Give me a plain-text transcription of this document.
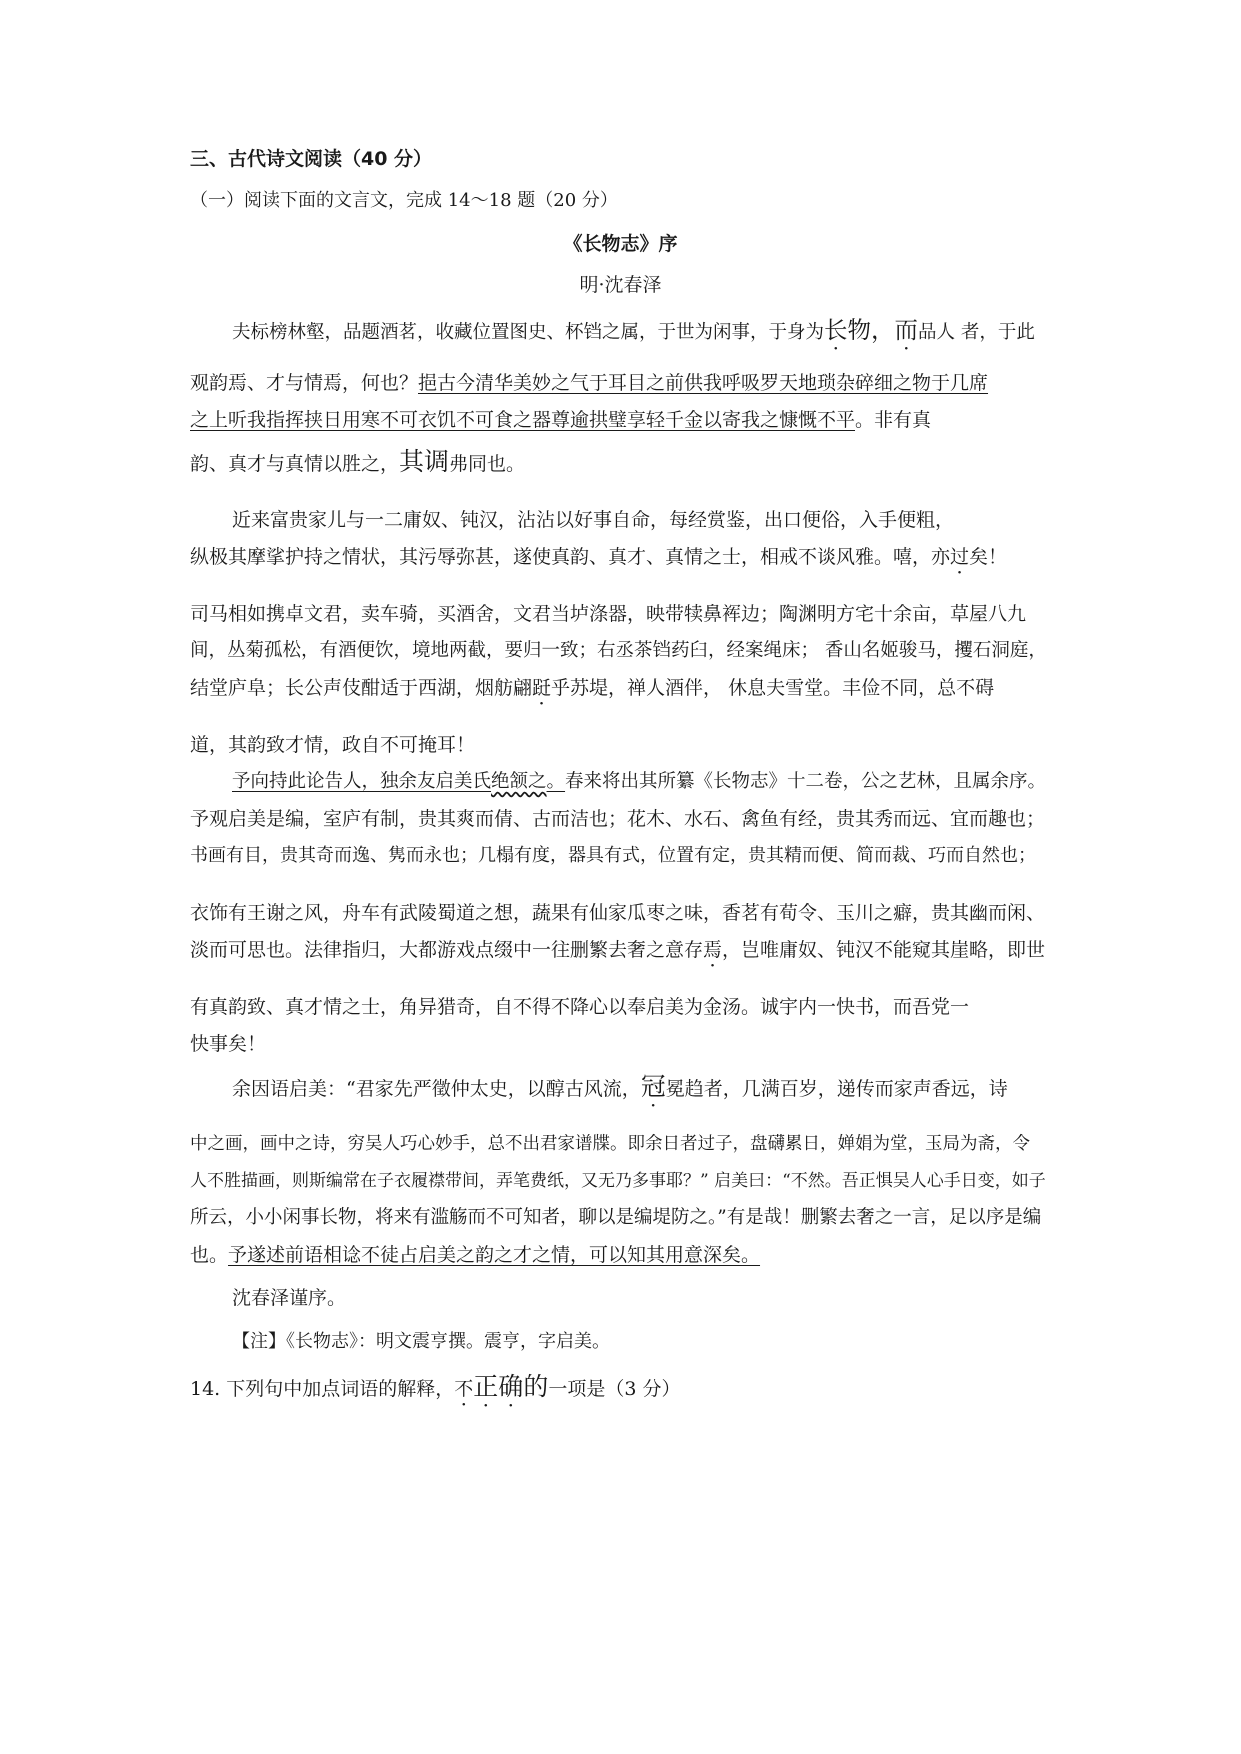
三、古代诗文阅读（40 分）
（一）阅读下面的文言文，完成 14～18 题（20 分）
《长物志》序
明·沈春泽
夫标榜林壑，品题酒茗，收藏位置图史、杯铛之属，于世为闲事，于身为长物，而品人 者，于此
观韵焉、才与情焉，何也？挹古今清华美妙之气于耳目之前供我呼吸罗天地琐杂碎细之物于几席
之上听我指挥挟日用寒不可衣饥不可食之器尊逾拱璧享轻千金以寄我之慷慨不平。非有真
韵、真才与真情以胜之，其调弗同也。
近来富贵家儿与一二庸奴、钝汉，沾沾以好事自命，每经赏鉴，出口便俗，入手便粗，
纵极其摩挲护持之情状，其污辱弥甚，遂使真韵、真才、真情之士，相戒不谈风雅。嘻，亦过矣！
司马相如携卓文君，卖车骑，买酒舍，文君当垆涤器，映带犊鼻裈边；陶渊明方宅十余亩，草屋八九
间，丛菊孤松，有酒便饮，境地两截，要归一致；右丞茶铛药臼，经案绳床； 香山名姬骏马，攫石洞庭，
结堂庐阜；长公声伎酣适于西湖，烟舫翩跹乎苏堤，禅人酒伴， 休息夫雪堂。丰俭不同，总不碍
道，其韵致才情，政自不可掩耳！
予向持此论告人，独余友启美氏绝颔之。春来将出其所纂《长物志》十二卷，公之艺林，且属余序。
予观启美是编，室庐有制，贵其爽而倩、古而洁也；花木、水石、禽鱼有经，贵其秀而远、宜而趣也；
书画有目，贵其奇而逸、隽而永也；几榻有度，器具有式，位置有定，贵其精而便、简而裁、巧而自然也；
衣饰有王谢之风，舟车有武陵蜀道之想，蔬果有仙家瓜枣之味，香茗有荀令、玉川之癖，贵其幽而闲、
淡而可思也。法律指归，大都游戏点缀中一往删繁去奢之意存焉，岂唯庸奴、钝汉不能窥其崖略，即世
有真韵致、真才情之士，角异猎奇，自不得不降心以奉启美为金汤。诚宇内一快书，而吾党一
快事矣！
余因语启美：“君家先严徵仲太史，以醇古风流，冠冕趋者，几满百岁，递传而家声香远，诗
中之画，画中之诗，穷吴人巧心妙手，总不出君家谱牒。即余日者过子，盘礴累日，婵娟为堂，玉局为斋，令
人不胜描画，则斯编常在子衣履襟带间，弄笔费纸，又无乃多事耶？” 启美曰：“不然。吾正惧吴人心手日变，如子
所云，小小闲事长物，将来有滥觞而不可知者，聊以是编堤防之。”有是哉！删繁去奢之一言，足以序是编
也。予遂述前语相谂不徒占启美之韵之才之情，可以知其用意深矣。
沈春泽谨序。
【注】《长物志》：明文震亨撰。震亨，字启美。
14. 下列句中加点词语的解释，不正确的一项是（3 分）
